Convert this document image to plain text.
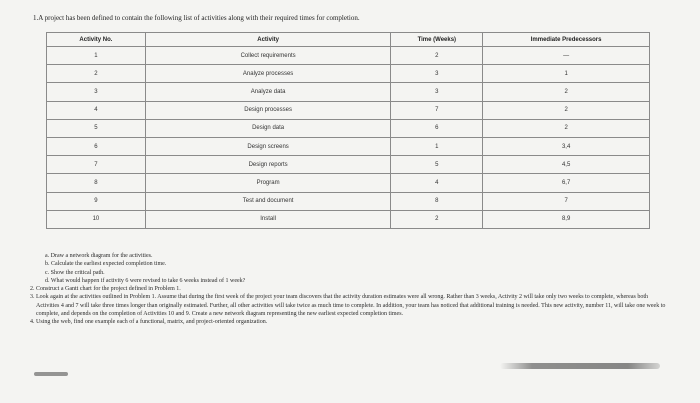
1.A project has been defined to contain the following list of activities along with their required times for completion.
Activity No.	Activity	Time (Weeks)	Immediate Predecessors
1	Collect requirements	2	—
2	Analyze processes	3	1
3	Analyze data	3	2
4	Design processes	7	2
5	Design data	6	2
6	Design screens	1	3,4
7	Design reports	5	4,5
8	Program	4	6,7
9	Test and document	8	7
10	Install	2	8,9
a. Draw a network diagram for the activities.
b. Calculate the earliest expected completion time.
c. Show the critical path.
d. What would happen if activity 6 were revised to take 6 weeks instead of 1 week?
2. Construct a Gantt chart for the project defined in Problem 1.
3. Look again at the activities outlined in Problem 1. Assume that during the first week of the project your team discovers that the activity duration estimates were all wrong. Rather than 3 weeks, Activity 2 will take only two weeks to complete, whereas both Activities 4 and 7 will take three times longer than originally estimated. Further, all other activities will take twice as much time to complete. In addition, your team has noticed that additional training is needed. This new activity, number 11, will take one week to complete, and depends on the completion of Activities 10 and 9. Create a new network diagram representing the new earliest expected completion times.
4. Using the web, find one example each of a functional, matrix, and project-oriented organization.
